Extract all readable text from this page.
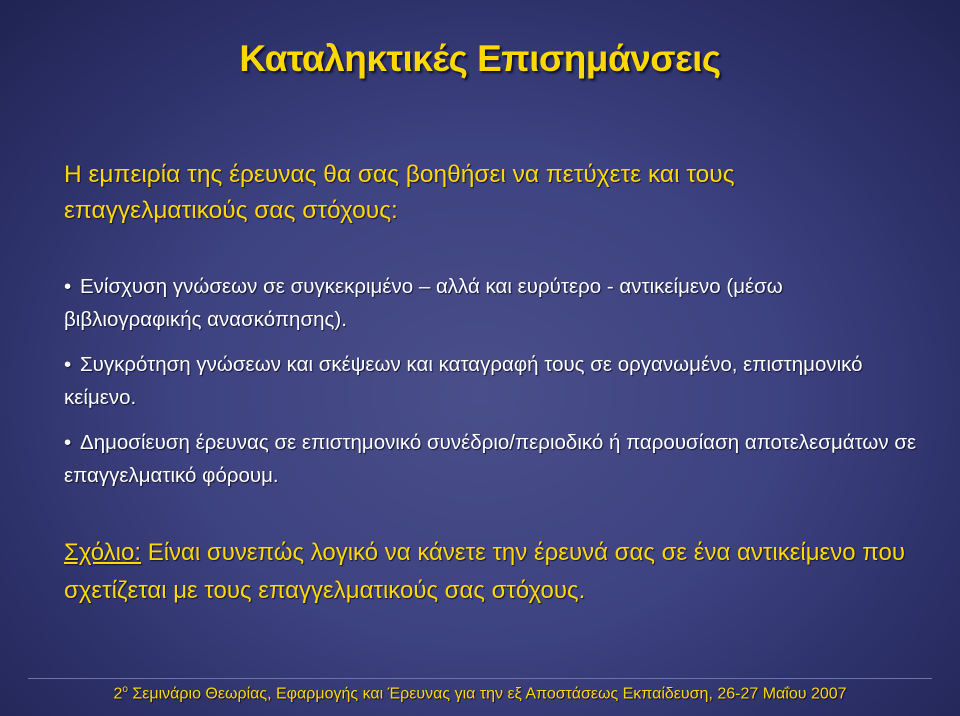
Καταληκτικές Επισημάνσεις
Η εμπειρία της έρευνας θα σας βοηθήσει να πετύχετε και τους επαγγελματικούς σας στόχους:
• Ενίσχυση γνώσεων σε συγκεκριμένο – αλλά και ευρύτερο - αντικείμενο (μέσω βιβλιογραφικής ανασκόπησης).
• Συγκρότηση γνώσεων και σκέψεων και καταγραφή τους σε οργανωμένο, επιστημονικό κείμενο.
• Δημοσίευση έρευνας σε επιστημονικό συνέδριο/περιοδικό ή παρουσίαση αποτελεσμάτων σε επαγγελματικό φόρουμ.
Σχόλιο: Είναι συνεπώς λογικό να κάνετε την έρευνά σας σε ένα αντικείμενο που σχετίζεται με τους επαγγελματικούς σας στόχους.
$2^o$ Σεμινάριο Θεωρίας, Εφαρμογής και Έρευνας για την εξ Αποστάσεως Εκπαίδευση, 26-27 Μαΐου 2007
